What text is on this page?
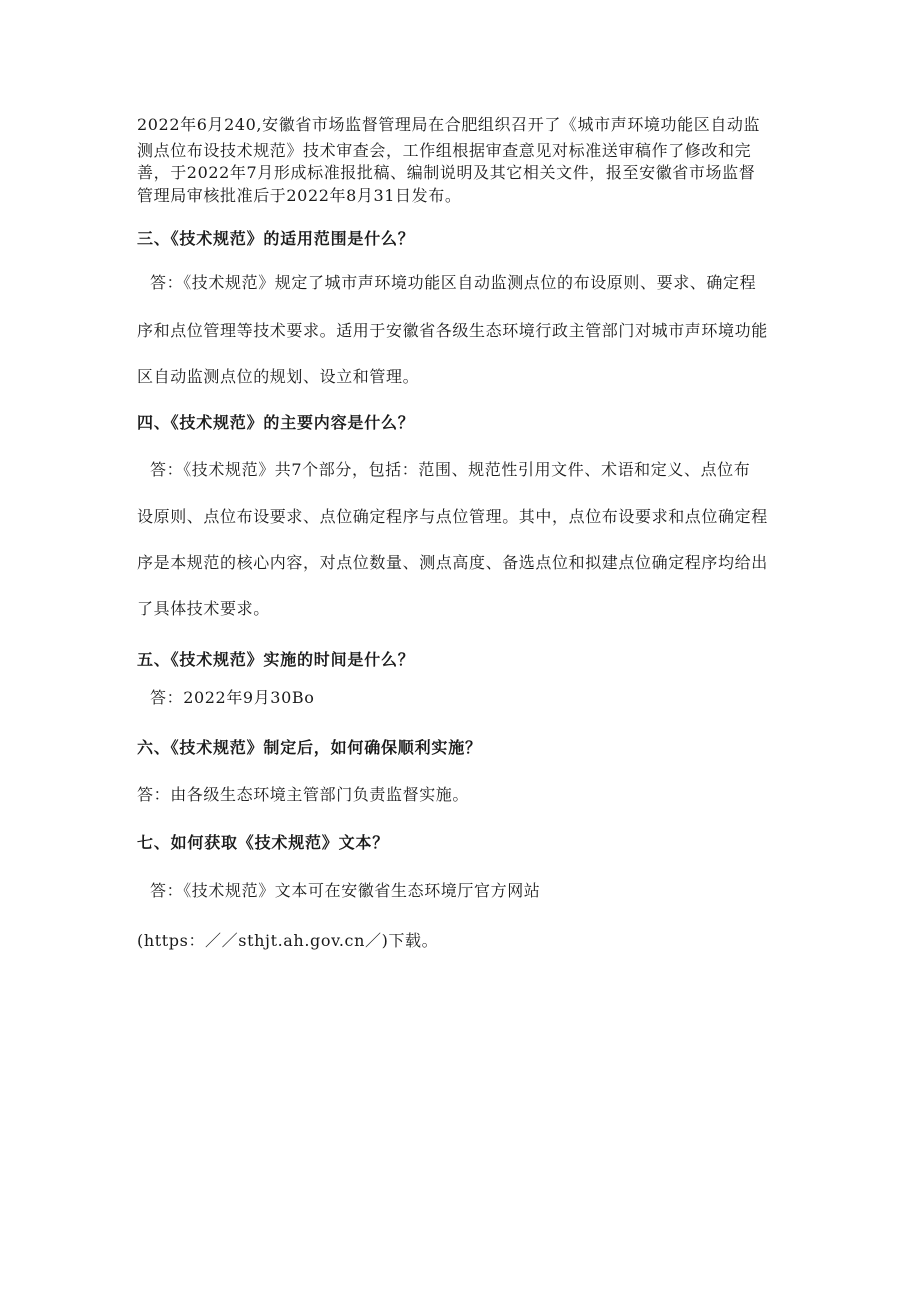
2022年6月240,安徽省市场监督管理局在合肥组织召开了《城市声环境功能区自动监
测点位布设技术规范》技术审查会，工作组根据审查意见对标准送审稿作了修改和完
善，于2022年7月形成标准报批稿、编制说明及其它相关文件，报至安徽省市场监督
管理局审核批准后于2022年8月31日发布。
三、《技术规范》的适用范围是什么？
答：《技术规范》规定了城市声环境功能区自动监测点位的布设原则、要求、确定程
序和点位管理等技术要求。适用于安徽省各级生态环境行政主管部门对城市声环境功能
区自动监测点位的规划、设立和管理。
四、《技术规范》的主要内容是什么？
答：《技术规范》共7个部分，包括：范围、规范性引用文件、术语和定义、点位布
设原则、点位布设要求、点位确定程序与点位管理。其中，点位布设要求和点位确定程
序是本规范的核心内容，对点位数量、测点高度、备选点位和拟建点位确定程序均给出
了具体技术要求。
五、《技术规范》实施的时间是什么？
答：2022年9月30Bo
六、《技术规范》制定后，如何确保顺利实施？
答：由各级生态环境主管部门负责监督实施。
七、如何获取《技术规范》文本？
答：《技术规范》文本可在安徽省生态环境厅官方网站
(https：／／sthjt.ah.gov.cn／)下载。
